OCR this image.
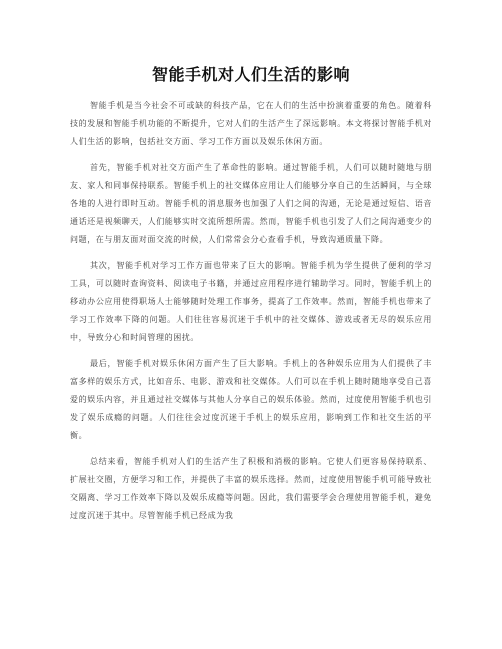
智能手机对人们生活的影响

智能手机是当今社会不可或缺的科技产品，它在人们的生活中扮演着重要的角色。随着科技的发展和智能手机功能的不断提升，它对人们的生活产生了深远影响。本文将探讨智能手机对人们生活的影响，包括社交方面、学习工作方面以及娱乐休闲方面。

首先，智能手机对社交方面产生了革命性的影响。通过智能手机，人们可以随时随地与朋友、家人和同事保持联系。智能手机上的社交媒体应用让人们能够分享自己的生活瞬间，与全球各地的人进行即时互动。智能手机的消息服务也加强了人们之间的沟通，无论是通过短信、语音通话还是视频聊天，人们能够实时交流所想所需。然而，智能手机也引发了人们之间沟通变少的问题，在与朋友面对面交流的时候，人们常常会分心查看手机，导致沟通质量下降。

其次，智能手机对学习工作方面也带来了巨大的影响。智能手机为学生提供了便利的学习工具，可以随时查询资料、阅读电子书籍，并通过应用程序进行辅助学习。同时，智能手机上的移动办公应用使得职场人士能够随时处理工作事务，提高了工作效率。然而，智能手机也带来了学习工作效率下降的问题。人们往往容易沉迷于手机中的社交媒体、游戏或者无尽的娱乐应用中，导致分心和时间管理的困扰。

最后，智能手机对娱乐休闲方面产生了巨大影响。手机上的各种娱乐应用为人们提供了丰富多样的娱乐方式，比如音乐、电影、游戏和社交媒体。人们可以在手机上随时随地享受自己喜爱的娱乐内容，并且通过社交媒体与其他人分享自己的娱乐体验。然而，过度使用智能手机也引发了娱乐成瘾的问题。人们往往会过度沉迷于手机上的娱乐应用，影响到工作和社交生活的平衡。

总结来看，智能手机对人们的生活产生了积极和消极的影响。它使人们更容易保持联系、扩展社交圈，方便学习和工作，并提供了丰富的娱乐选择。然而，过度使用智能手机可能导致社交隔离、学习工作效率下降以及娱乐成瘾等问题。因此，我们需要学会合理使用智能手机，避免过度沉迷于其中。尽管智能手机已经成为我
